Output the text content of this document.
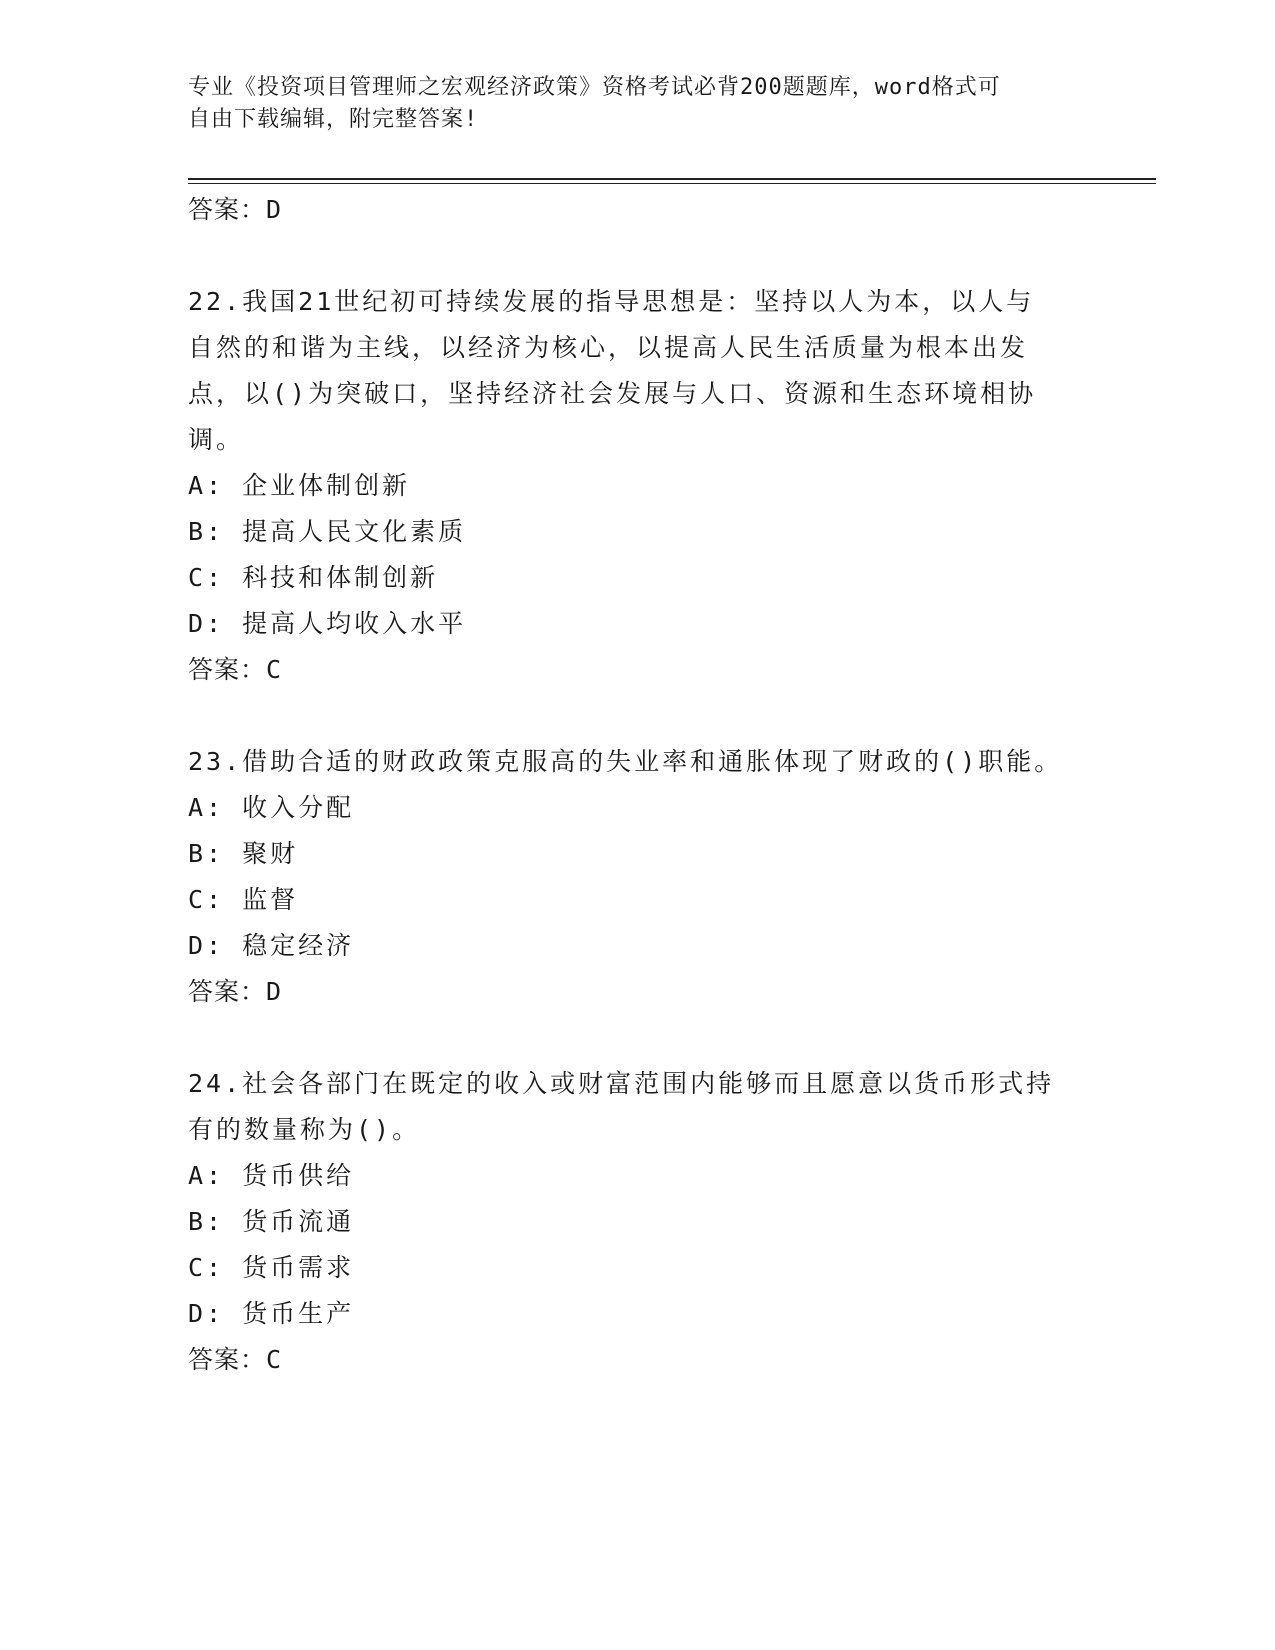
专业《投资项目管理师之宏观经济政策》资格考试必背200题题库，word格式可
自由下载编辑，附完整答案!

答案：D

22.我国21世纪初可持续发展的指导思想是：坚持以人为本，以人与

自然的和谐为主线，以经济为核心，以提高人民生活质量为根本出发

点，以()为突破口，坚持经济社会发展与人口、资源和生态环境相协

调。

A: 企业体制创新

B: 提高人民文化素质

C: 科技和体制创新

D: 提高人均收入水平

答案：C

23.借助合适的财政政策克服高的失业率和通胀体现了财政的()职能。

A: 收入分配

B: 聚财

C: 监督

D: 稳定经济

答案：D

24.社会各部门在既定的收入或财富范围内能够而且愿意以货币形式持

有的数量称为()。

A: 货币供给

B: 货币流通

C: 货币需求

D: 货币生产

答案：C
